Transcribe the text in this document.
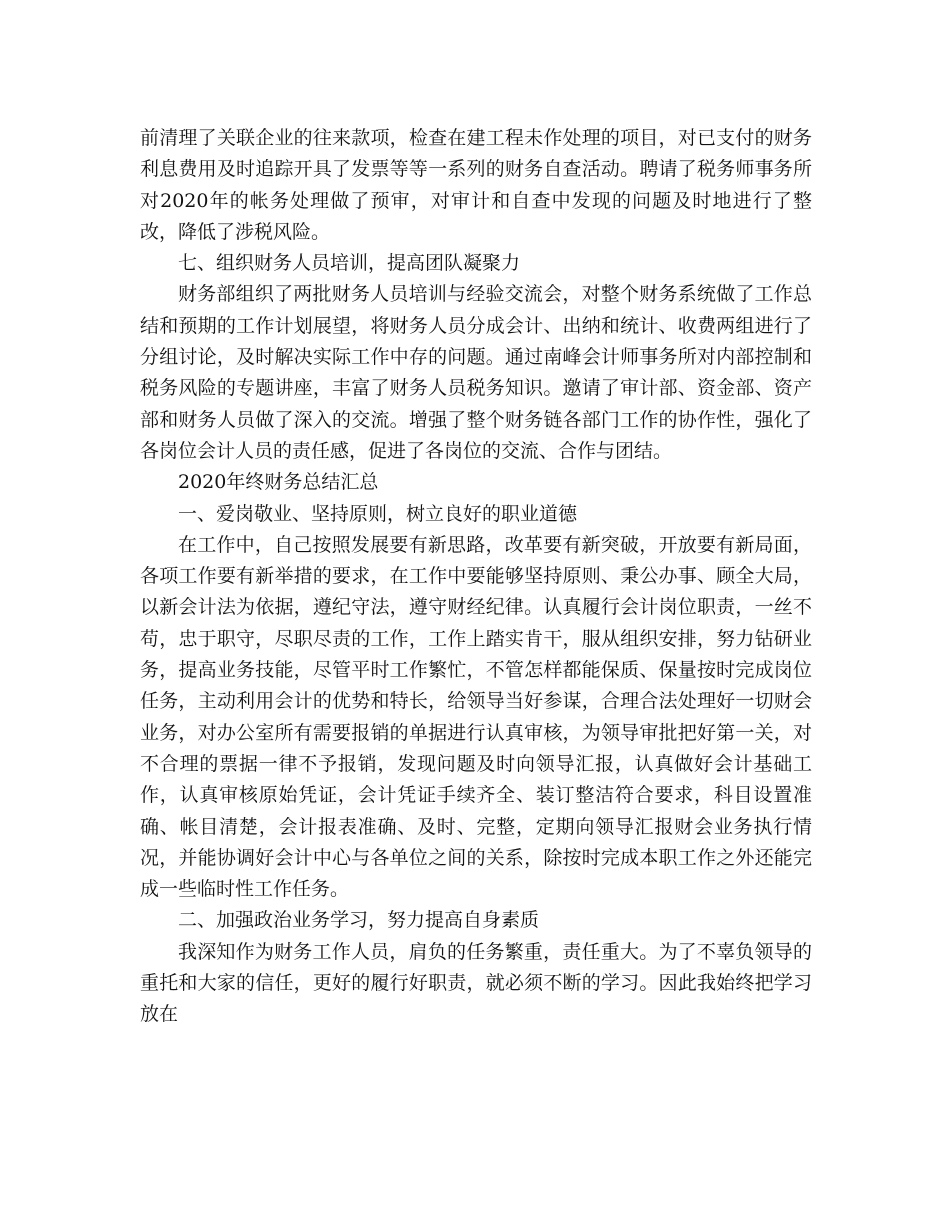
前清理了关联企业的往来款项，检查在建工程未作处理的项目，对已支付的财务利息费用及时追踪开具了发票等等一系列的财务自查活动。聘请了税务师事务所对2020年的帐务处理做了预审，对审计和自查中发现的问题及时地进行了整改，降低了涉税风险。

七、组织财务人员培训，提高团队凝聚力

财务部组织了两批财务人员培训与经验交流会，对整个财务系统做了工作总结和预期的工作计划展望，将财务人员分成会计、出纳和统计、收费两组进行了分组讨论，及时解决实际工作中存的问题。通过南峰会计师事务所对内部控制和税务风险的专题讲座，丰富了财务人员税务知识。邀请了审计部、资金部、资产部和财务人员做了深入的交流。增强了整个财务链各部门工作的协作性，强化了各岗位会计人员的责任感，促进了各岗位的交流、合作与团结。

2020年终财务总结汇总

一、爱岗敬业、坚持原则，树立良好的职业道德

在工作中，自己按照发展要有新思路，改革要有新突破，开放要有新局面，各项工作要有新举措的要求，在工作中要能够坚持原则、秉公办事、顾全大局，以新会计法为依据，遵纪守法，遵守财经纪律。认真履行会计岗位职责，一丝不苟，忠于职守，尽职尽责的工作，工作上踏实肯干，服从组织安排，努力钻研业务，提高业务技能，尽管平时工作繁忙，不管怎样都能保质、保量按时完成岗位任务，主动利用会计的优势和特长，给领导当好参谋，合理合法处理好一切财会业务，对办公室所有需要报销的单据进行认真审核，为领导审批把好第一关，对不合理的票据一律不予报销，发现问题及时向领导汇报，认真做好会计基础工作，认真审核原始凭证，会计凭证手续齐全、装订整洁符合要求，科目设置准确、帐目清楚，会计报表准确、及时、完整，定期向领导汇报财会业务执行情况，并能协调好会计中心与各单位之间的关系，除按时完成本职工作之外还能完成一些临时性工作任务。

二、加强政治业务学习，努力提高自身素质

我深知作为财务工作人员，肩负的任务繁重，责任重大。为了不辜负领导的重托和大家的信任，更好的履行好职责，就必须不断的学习。因此我始终把学习放在
